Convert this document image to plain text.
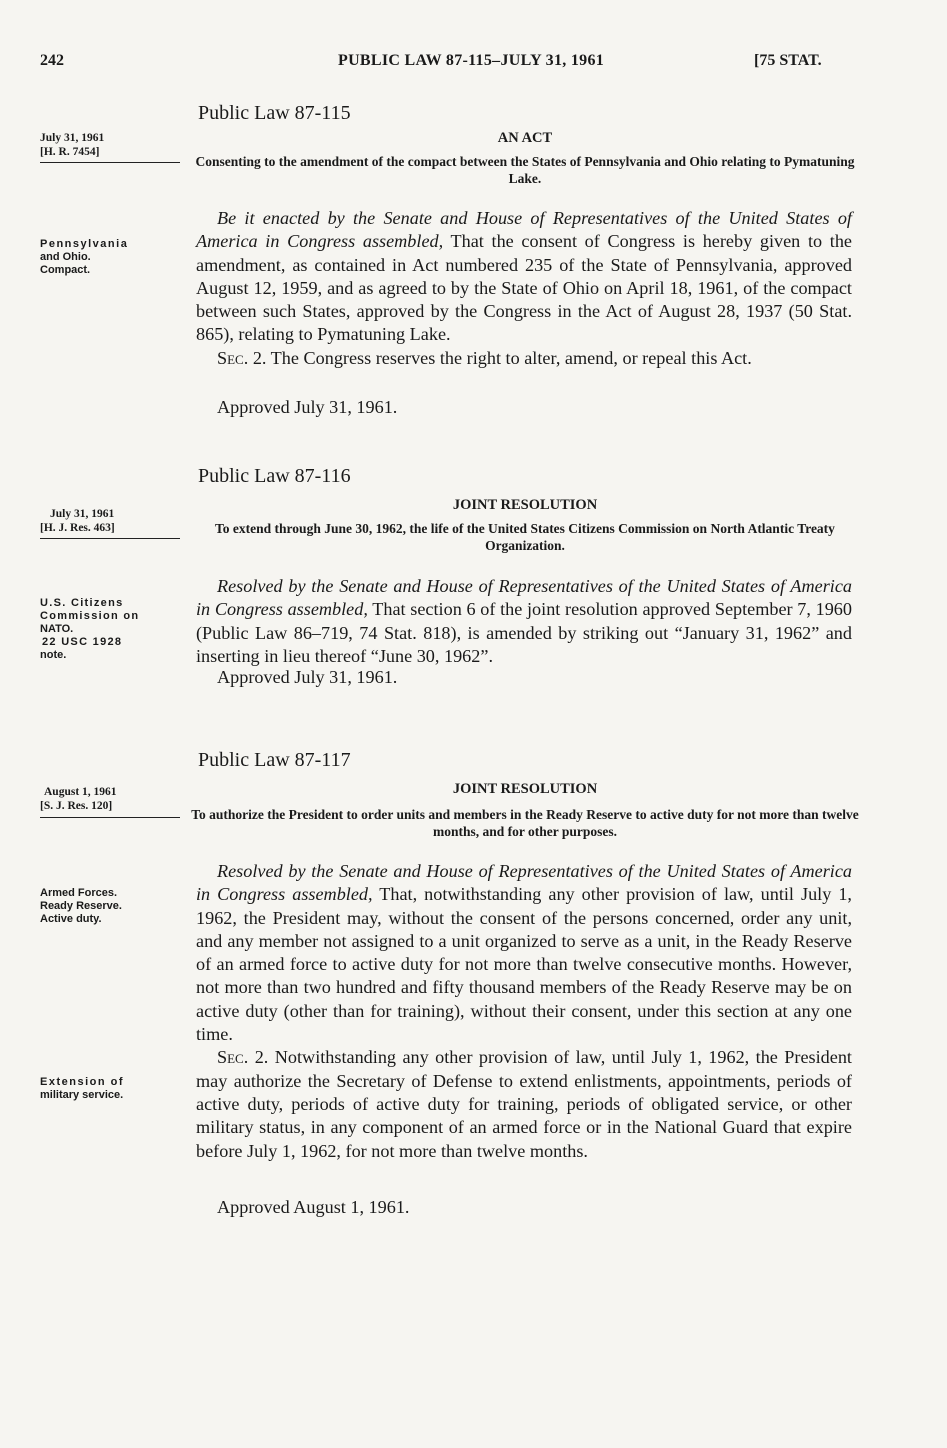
242	PUBLIC LAW 87-115–JULY 31, 1961	[75 STAT.
Public Law 87-115
July 31, 1961
[H. R. 7454]
AN ACT
Consenting to the amendment of the compact between the States of Pennsylvania and Ohio relating to Pymatuning Lake.
Pennsylvania
and Ohio.
Compact.

Be it enacted by the Senate and House of Representatives of the United States of America in Congress assembled, That the consent of Congress is hereby given to the amendment, as contained in Act numbered 235 of the State of Pennsylvania, approved August 12, 1959, and as agreed to by the State of Ohio on April 18, 1961, of the compact between such States, approved by the Congress in the Act of August 28, 1937 (50 Stat. 865), relating to Pymatuning Lake.

Sec. 2. The Congress reserves the right to alter, amend, or repeal this Act.

Approved July 31, 1961.
Public Law 87-116
July 31, 1961
[H. J. Res. 463]
JOINT RESOLUTION
To extend through June 30, 1962, the life of the United States Citizens Commission on North Atlantic Treaty Organization.
U.S. Citizens
Commission on
NATO.
22 USC 1928
note.

Resolved by the Senate and House of Representatives of the United States of America in Congress assembled, That section 6 of the joint resolution approved September 7, 1960 (Public Law 86–719, 74 Stat. 818), is amended by striking out “January 31, 1962” and inserting in lieu thereof “June 30, 1962”.

Approved July 31, 1961.
Public Law 87-117
August 1, 1961
[S. J. Res. 120]
JOINT RESOLUTION
To authorize the President to order units and members in the Ready Reserve to active duty for not more than twelve months, and for other purposes.
Armed Forces.
Ready Reserve.
Active duty.
Extension of
military service.

Resolved by the Senate and House of Representatives of the United States of America in Congress assembled, That, notwithstanding any other provision of law, until July 1, 1962, the President may, without the consent of the persons concerned, order any unit, and any member not assigned to a unit organized to serve as a unit, in the Ready Reserve of an armed force to active duty for not more than twelve consecutive months. However, not more than two hundred and fifty thousand members of the Ready Reserve may be on active duty (other than for training), without their consent, under this section at any one time.

Sec. 2. Notwithstanding any other provision of law, until July 1, 1962, the President may authorize the Secretary of Defense to extend enlistments, appointments, periods of active duty, periods of active duty for training, periods of obligated service, or other military status, in any component of an armed force or in the National Guard that expire before July 1, 1962, for not more than twelve months.

Approved August 1, 1961.
